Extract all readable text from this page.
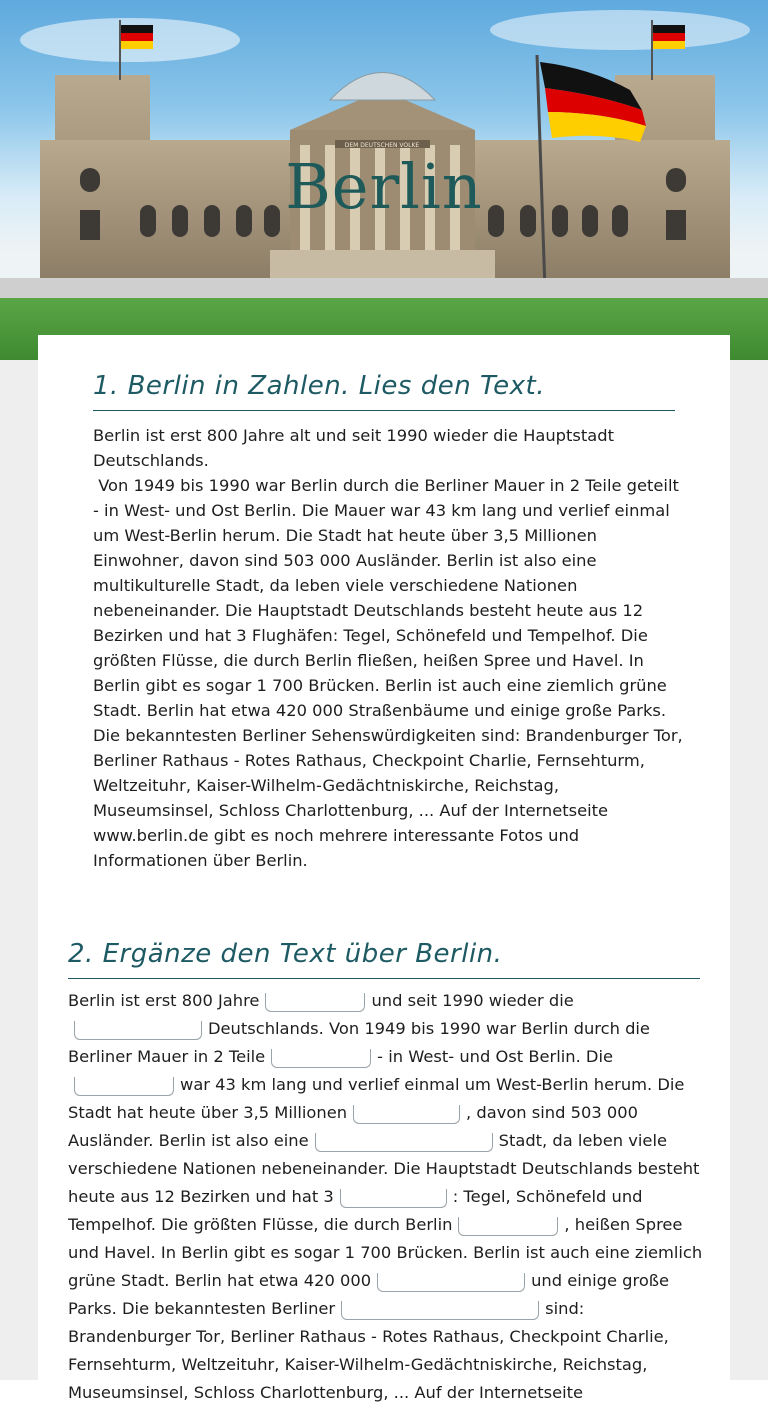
DEM DEUTSCHEN VOLKE
Berlin
1. Berlin in Zahlen. Lies den Text.
Berlin ist erst 800 Jahre alt und seit 1990 wieder die Hauptstadt Deutschlands.
Von 1949 bis 1990 war Berlin durch die Berliner Mauer in 2 Teile geteilt - in West- und Ost Berlin. Die Mauer war 43 km lang und verlief einmal um West-Berlin herum. Die Stadt hat heute über 3,5 Millionen Einwohner, davon sind 503 000 Ausländer. Berlin ist also eine multikulturelle Stadt, da leben viele verschiedene Nationen nebeneinander. Die Hauptstadt Deutschlands besteht heute aus 12 Bezirken und hat 3 Flughäfen: Tegel, Schönefeld und Tempelhof. Die größten Flüsse, die durch Berlin fließen, heißen Spree und Havel. In Berlin gibt es sogar 1 700 Brücken. Berlin ist auch eine ziemlich grüne Stadt. Berlin hat etwa 420 000 Straßenbäume und einige große Parks. Die bekanntesten Berliner Sehenswürdigkeiten sind: Brandenburger Tor, Berliner Rathaus - Rotes Rathaus, Checkpoint Charlie, Fernsehturm, Weltzeituhr, Kaiser-Wilhelm-Gedächtniskirche, Reichstag, Museumsinsel, Schloss Charlottenburg, ... Auf der Internetseite www.berlin.de gibt es noch mehrere interessante Fotos und Informationen über Berlin.
2. Ergänze den Text über Berlin.
Berlin ist erst 800 Jahre	und seit 1990 wieder die Deutschlands. Von 1949 bis 1990 war Berlin durch die Berliner Mauer in 2 Teile	- in West- und Ost Berlin. Die war 43 km lang und verlief einmal um West-Berlin herum. Die Stadt hat heute über 3,5 Millionen	, davon sind 503 000 Ausländer. Berlin ist also eine	Stadt, da leben viele verschiedene Nationen nebeneinander. Die Hauptstadt Deutschlands besteht heute aus 12 Bezirken und hat 3	: Tegel, Schönefeld und Tempelhof. Die größten Flüsse, die durch Berlin	, heißen Spree und Havel. In Berlin gibt es sogar 1 700 Brücken. Berlin ist auch eine ziemlich grüne Stadt. Berlin hat etwa 420 000	und einige große Parks. Die bekanntesten Berliner	sind: Brandenburger Tor, Berliner Rathaus - Rotes Rathaus, Checkpoint Charlie, Fernsehturm, Weltzeituhr, Kaiser-Wilhelm-Gedächtniskirche, Reichstag, Museumsinsel, Schloss Charlottenburg, ... Auf der Internetseite
